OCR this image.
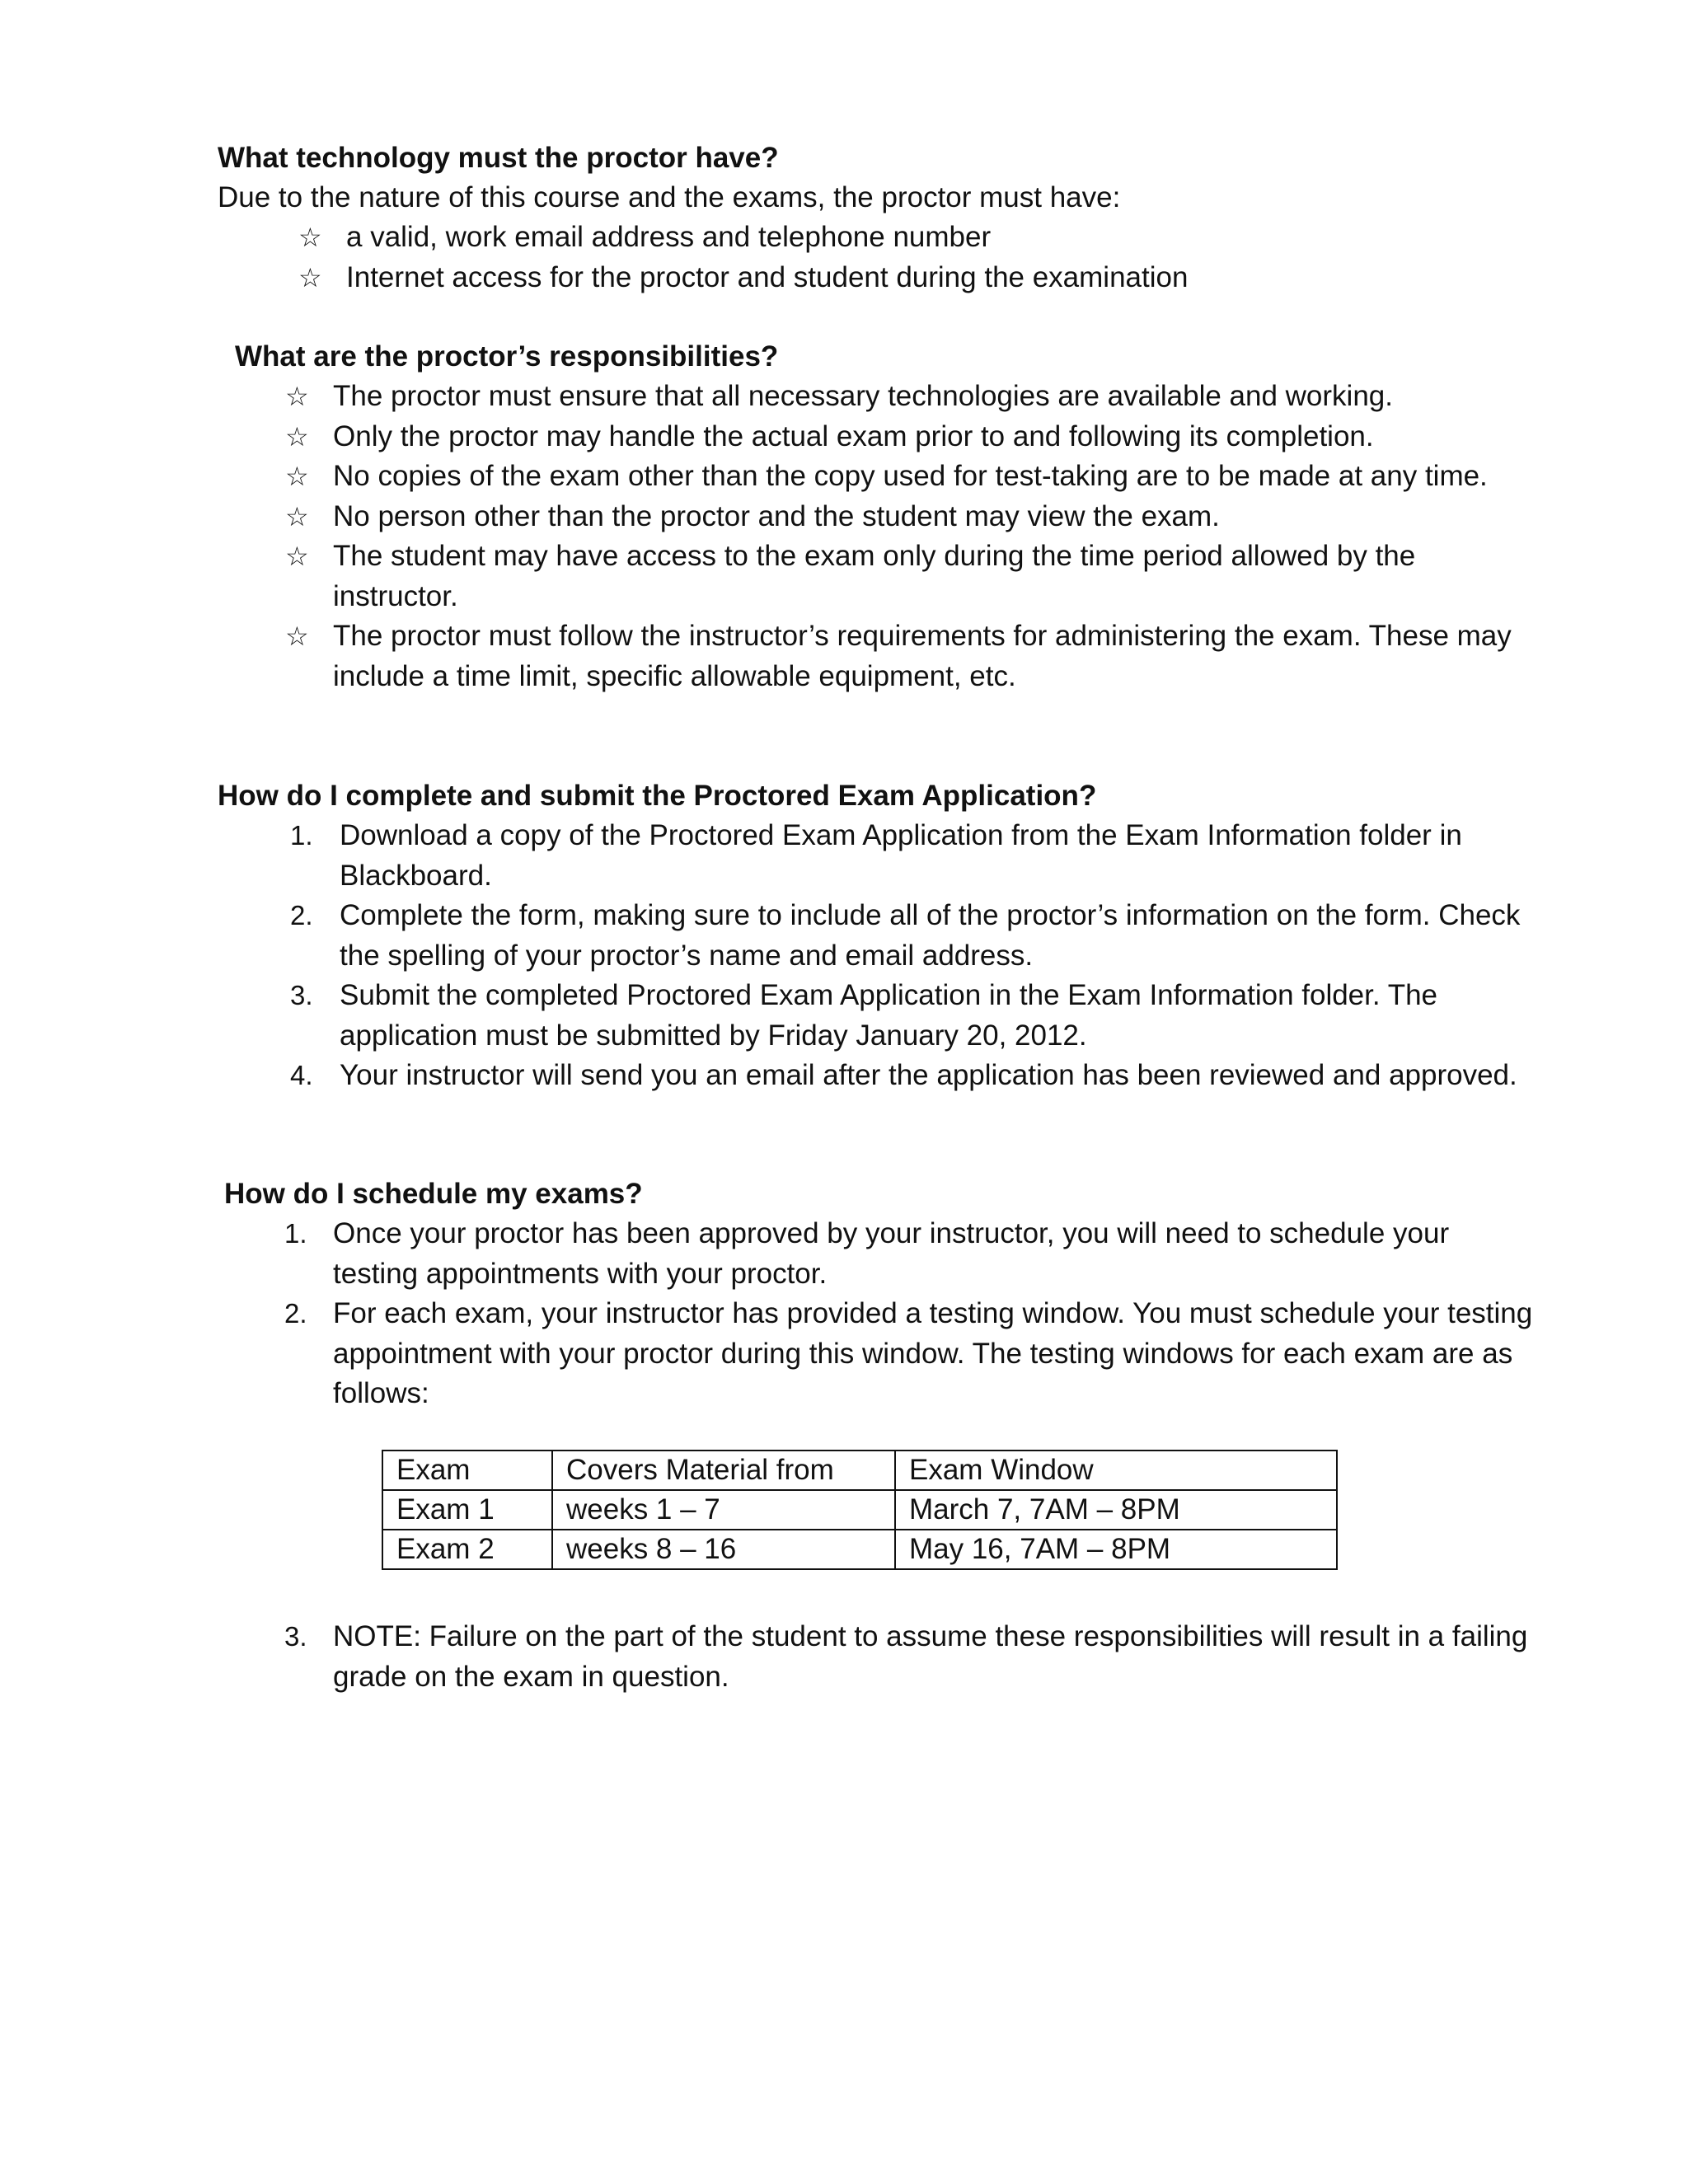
What technology must the proctor have?
Due to the nature of this course and the exams, the proctor must have:
☆ a valid, work email address and telephone number
☆ Internet access for the proctor and student during the examination
What are the proctor’s responsibilities?
☆ The proctor must ensure that all necessary technologies are available and working.
☆ Only the proctor may handle the actual exam prior to and following its completion.
☆ No copies of the exam other than the copy used for test-taking are to be made at any time.
☆ No person other than the proctor and the student may view the exam.
☆ The student may have access to the exam only during the time period allowed by the instructor.
☆ The proctor must follow the instructor’s requirements for administering the exam. These may include a time limit, specific allowable equipment, etc.
How do I complete and submit the Proctored Exam Application?
1. Download a copy of the Proctored Exam Application from the Exam Information folder in Blackboard.
2. Complete the form, making sure to include all of the proctor’s information on the form. Check the spelling of your proctor’s name and email address.
3. Submit the completed Proctored Exam Application in the Exam Information folder. The application must be submitted by Friday January 20, 2012.
4. Your instructor will send you an email after the application has been reviewed and approved.
How do I schedule my exams?
1. Once your proctor has been approved by your instructor, you will need to schedule your testing appointments with your proctor.
2. For each exam, your instructor has provided a testing window. You must schedule your testing appointment with your proctor during this window. The testing windows for each exam are as follows:
Exam	Covers Material from	Exam Window
Exam 1	weeks 1 – 7	March 7, 7AM – 8PM
Exam 2	weeks 8 – 16	May 16, 7AM – 8PM
3. NOTE: Failure on the part of the student to assume these responsibilities will result in a failing grade on the exam in question.
